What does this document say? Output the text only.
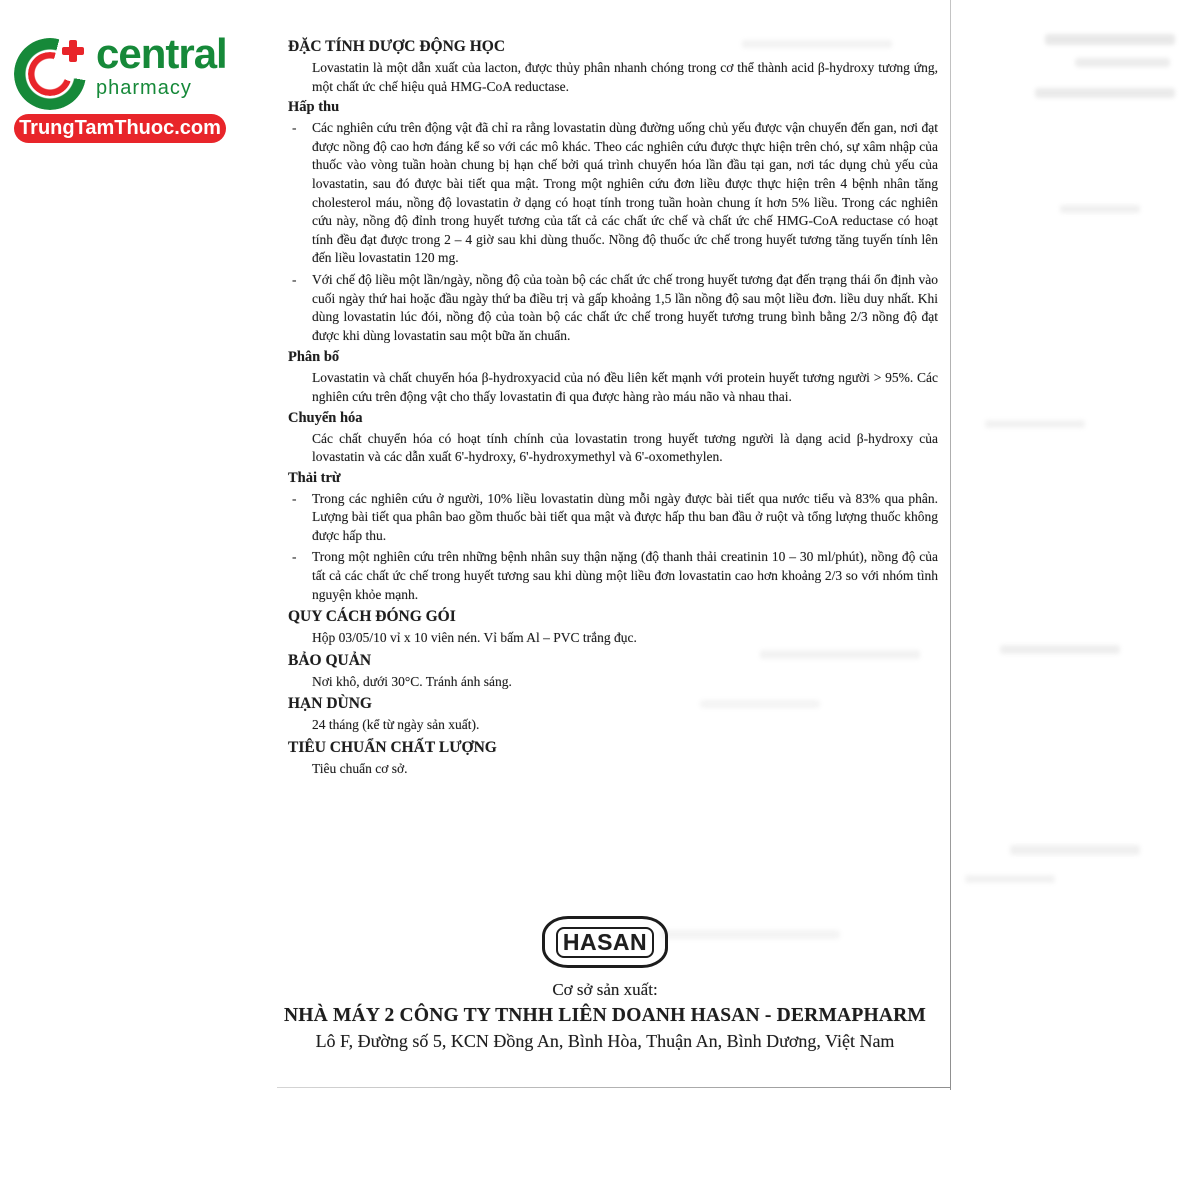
central
pharmacy
TrungTamThuoc.com
ĐẶC TÍNH DƯỢC ĐỘNG HỌC

Lovastatin là một dẫn xuất của lacton, được thủy phân nhanh chóng trong cơ thể thành acid β-hydroxy tương ứng, một chất ức chế hiệu quả HMG-CoA reductase.

Hấp thu
-	Các nghiên cứu trên động vật đã chỉ ra rằng lovastatin dùng đường uống chủ yếu được vận chuyển đến gan, nơi đạt được nồng độ cao hơn đáng kể so với các mô khác. Theo các nghiên cứu được thực hiện trên chó, sự xâm nhập của thuốc vào vòng tuần hoàn chung bị hạn chế bởi quá trình chuyển hóa lần đầu tại gan, nơi tác dụng chủ yếu của lovastatin, sau đó được bài tiết qua mật. Trong một nghiên cứu đơn liều được thực hiện trên 4 bệnh nhân tăng cholesterol máu, nồng độ lovastatin ở dạng có hoạt tính trong tuần hoàn chung ít hơn 5% liều. Trong các nghiên cứu này, nồng độ đỉnh trong huyết tương của tất cả các chất ức chế và chất ức chế HMG-CoA reductase có hoạt tính đều đạt được trong 2 – 4 giờ sau khi dùng thuốc. Nồng độ thuốc ức chế trong huyết tương tăng tuyến tính lên đến liều lovastatin 120 mg.

-	Với chế độ liều một lần/ngày, nồng độ của toàn bộ các chất ức chế trong huyết tương đạt đến trạng thái ổn định vào cuối ngày thứ hai hoặc đầu ngày thứ ba điều trị và gấp khoảng 1,5 lần nồng độ sau một liều đơn. liều duy nhất. Khi dùng lovastatin lúc đói, nồng độ của toàn bộ các chất ức chế trong huyết tương trung bình bằng 2/3 nồng độ đạt được khi dùng lovastatin sau một bữa ăn chuẩn.

Phân bố

Lovastatin và chất chuyển hóa β-hydroxyacid của nó đều liên kết mạnh với protein huyết tương người > 95%. Các nghiên cứu trên động vật cho thấy lovastatin đi qua được hàng rào máu não và nhau thai.

Chuyển hóa

Các chất chuyển hóa có hoạt tính chính của lovastatin trong huyết tương người là dạng acid β-hydroxy của lovastatin và các dẫn xuất 6'-hydroxy, 6'-hydroxymethyl và 6'-oxomethylen.

Thải trừ
-	Trong các nghiên cứu ở người, 10% liều lovastatin dùng mỗi ngày được bài tiết qua nước tiểu và 83% qua phân. Lượng bài tiết qua phân bao gồm thuốc bài tiết qua mật và được hấp thu ban đầu ở ruột và tổng lượng thuốc không được hấp thu.

-	Trong một nghiên cứu trên những bệnh nhân suy thận nặng (độ thanh thải creatinin 10 – 30 ml/phút), nồng độ của tất cả các chất ức chế trong huyết tương sau khi dùng một liều đơn lovastatin cao hơn khoảng 2/3 so với nhóm tình nguyện khỏe mạnh.

QUY CÁCH ĐÓNG GÓI

Hộp 03/05/10 vỉ x 10 viên nén. Vỉ bấm Al – PVC trắng đục.

BẢO QUẢN

Nơi khô, dưới 30°C. Tránh ánh sáng.

HẠN DÙNG

24 tháng (kể từ ngày sản xuất).

TIÊU CHUẨN CHẤT LƯỢNG

Tiêu chuẩn cơ sở.

HASAN
Cơ sở sản xuất:
NHÀ MÁY 2 CÔNG TY TNHH LIÊN DOANH HASAN - DERMAPHARM
Lô F, Đường số 5, KCN Đồng An, Bình Hòa, Thuận An, Bình Dương, Việt Nam
